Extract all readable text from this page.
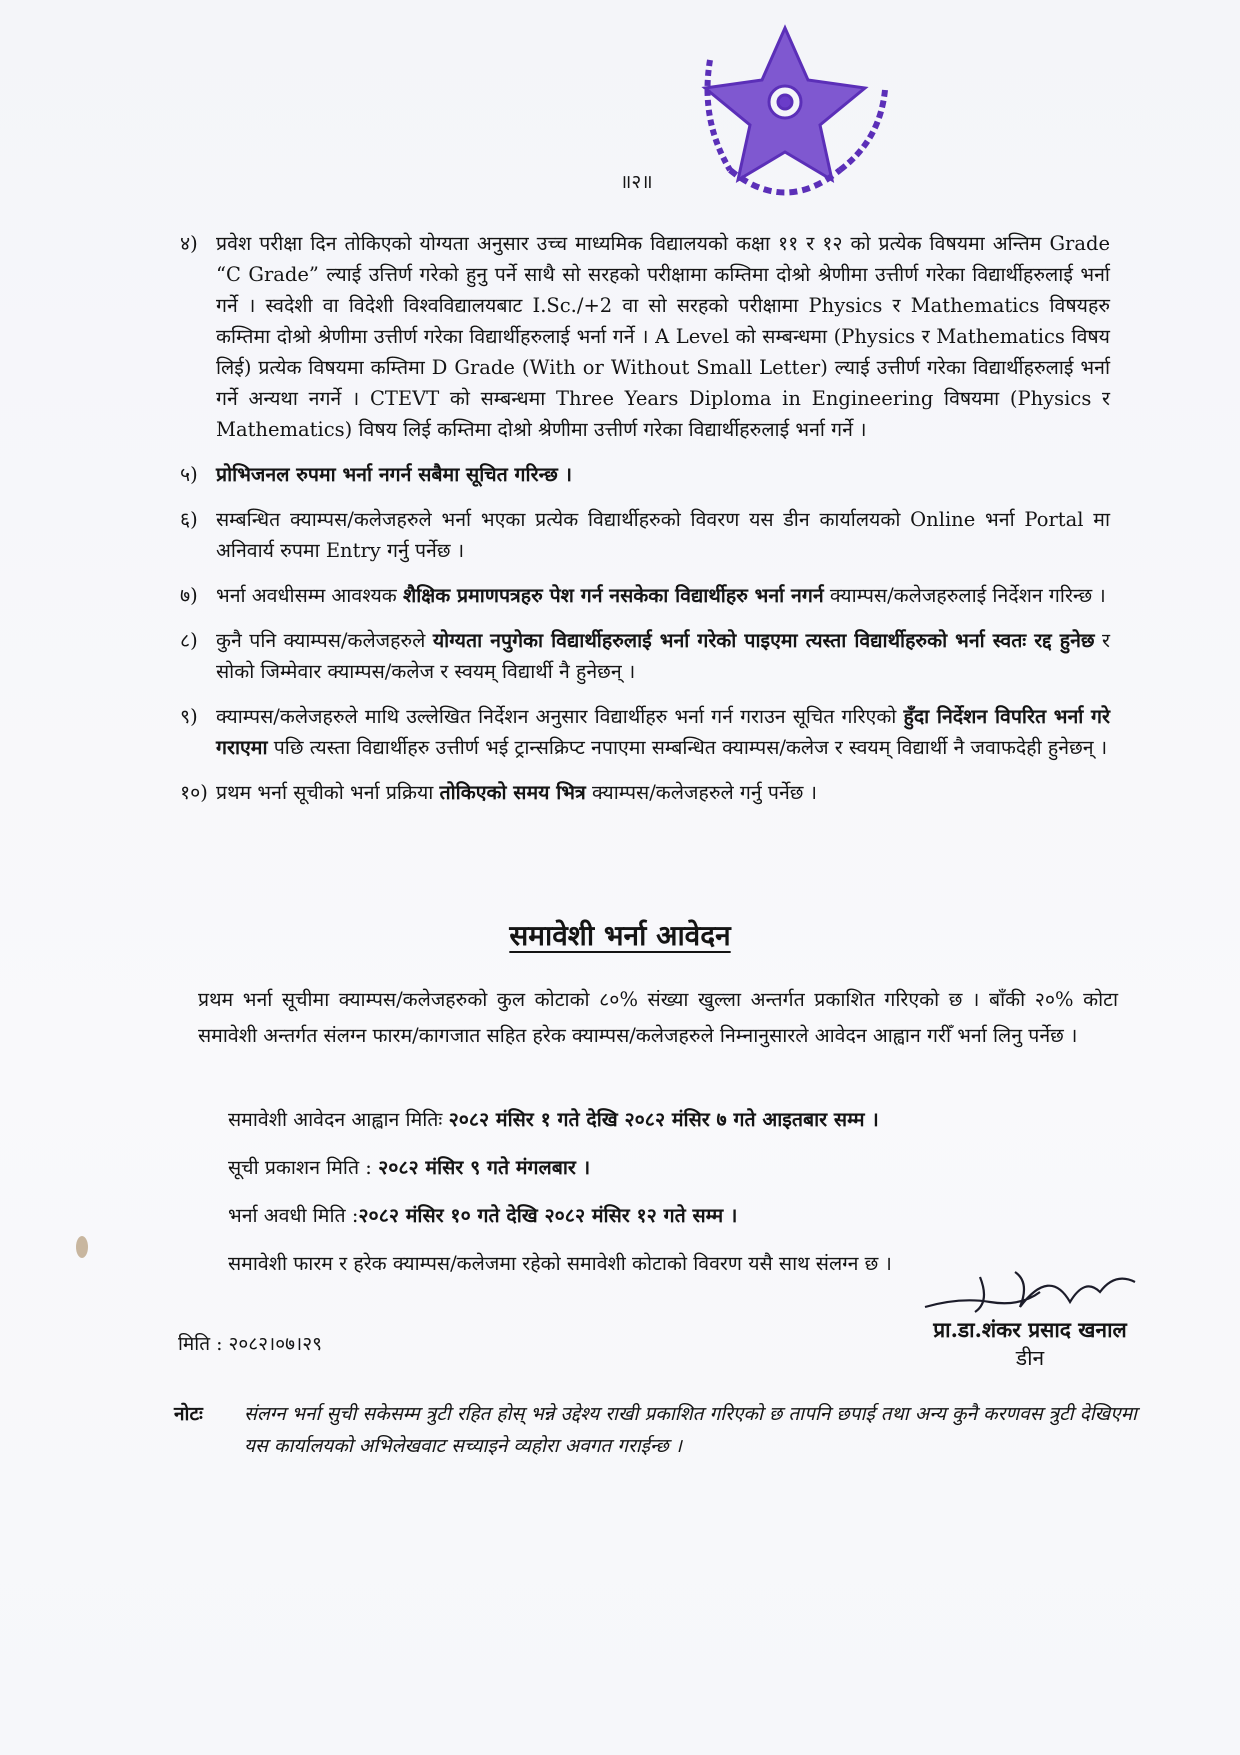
॥२॥
४) प्रवेश परीक्षा दिन तोकिएको योग्यता अनुसार उच्च माध्यमिक विद्यालयको कक्षा ११ र १२ को प्रत्येक विषयमा अन्तिम Grade “C Grade” ल्याई उत्तिर्ण गरेको हुनु पर्ने साथै सो सरहको परीक्षामा कम्तिमा दोश्रो श्रेणीमा उत्तीर्ण गरेका विद्यार्थीहरुलाई भर्ना गर्ने । स्वदेशी वा विदेशी विश्वविद्यालयबाट I.Sc./+2 वा सो सरहको परीक्षामा Physics र Mathematics विषयहरु कम्तिमा दोश्रो श्रेणीमा उत्तीर्ण गरेका विद्यार्थीहरुलाई भर्ना गर्ने । A Level को सम्बन्धमा (Physics र Mathematics विषय लिई) प्रत्येक विषयमा कम्तिमा D Grade (With or Without Small Letter) ल्याई उत्तीर्ण गरेका विद्यार्थीहरुलाई भर्ना गर्ने अन्यथा नगर्ने । CTEVT को सम्बन्धमा Three Years Diploma in Engineering विषयमा (Physics र Mathematics) विषय लिई कम्तिमा दोश्रो श्रेणीमा उत्तीर्ण गरेका विद्यार्थीहरुलाई भर्ना गर्ने ।
५) प्रोभिजनल रुपमा भर्ना नगर्न सबैमा सूचित गरिन्छ ।
६) सम्बन्धित क्याम्पस/कलेजहरुले भर्ना भएका प्रत्येक विद्यार्थीहरुको विवरण यस डीन कार्यालयको Online भर्ना Portal मा अनिवार्य रुपमा Entry गर्नु पर्नेछ ।
७) भर्ना अवधीसम्म आवश्यक शैक्षिक प्रमाणपत्रहरु पेश गर्न नसकेका विद्यार्थीहरु भर्ना नगर्न क्याम्पस/कलेजहरुलाई निर्देशन गरिन्छ ।
८) कुनै पनि क्याम्पस/कलेजहरुले योग्यता नपुगेका विद्यार्थीहरुलाई भर्ना गरेको पाइएमा त्यस्ता विद्यार्थीहरुको भर्ना स्वतः रद्द हुनेछ र सोको जिम्मेवार क्याम्पस/कलेज र स्वयम् विद्यार्थी नै हुनेछन् ।
९) क्याम्पस/कलेजहरुले माथि उल्लेखित निर्देशन अनुसार विद्यार्थीहरु भर्ना गर्न गराउन सूचित गरिएको हुँदा निर्देशन विपरित भर्ना गरे गराएमा पछि त्यस्ता विद्यार्थीहरु उत्तीर्ण भई ट्रान्सक्रिप्ट नपाएमा सम्बन्धित क्याम्पस/कलेज र स्वयम् विद्यार्थी नै जवाफदेही हुनेछन् ।
१०) प्रथम भर्ना सूचीको भर्ना प्रक्रिया तोकिएको समय भित्र क्याम्पस/कलेजहरुले गर्नु पर्नेछ ।
समावेशी भर्ना आवेदन
प्रथम भर्ना सूचीमा क्याम्पस/कलेजहरुको कुल कोटाको ८०% संख्या खुल्ला अन्तर्गत प्रकाशित गरिएको छ । बाँकी २०% कोटा समावेशी अन्तर्गत संलग्न फारम/कागजात सहित हरेक क्याम्पस/कलेजहरुले निम्नानुसारले आवेदन आह्वान गरीँ भर्ना लिनु पर्नेछ ।
समावेशी आवेदन आह्वान मितिः २०८२ मंसिर १ गते देखि २०८२ मंसिर ७ गते आइतबार सम्म ।
सूची प्रकाशन मिति : २०८२ मंसिर ९ गते मंगलबार ।
भर्ना अवधी मिति :२०८२ मंसिर १० गते देखि २०८२ मंसिर १२ गते सम्म ।
समावेशी फारम र हरेक क्याम्पस/कलेजमा रहेको समावेशी कोटाको विवरण यसै साथ संलग्न छ ।
प्रा.डा.शंकर प्रसाद खनाल
डीन
मिति : २०८२।०७।२९
नोटः	संलग्न भर्ना सुची सकेसम्म त्रुटी रहित होस् भन्ने उद्देश्य राखी प्रकाशित गरिएको छ तापनि छपाई तथा अन्य कुनै करणवस त्रुटी देखिएमा यस कार्यालयको अभिलेखवाट सच्याइने व्यहोरा अवगत गराईन्छ ।
